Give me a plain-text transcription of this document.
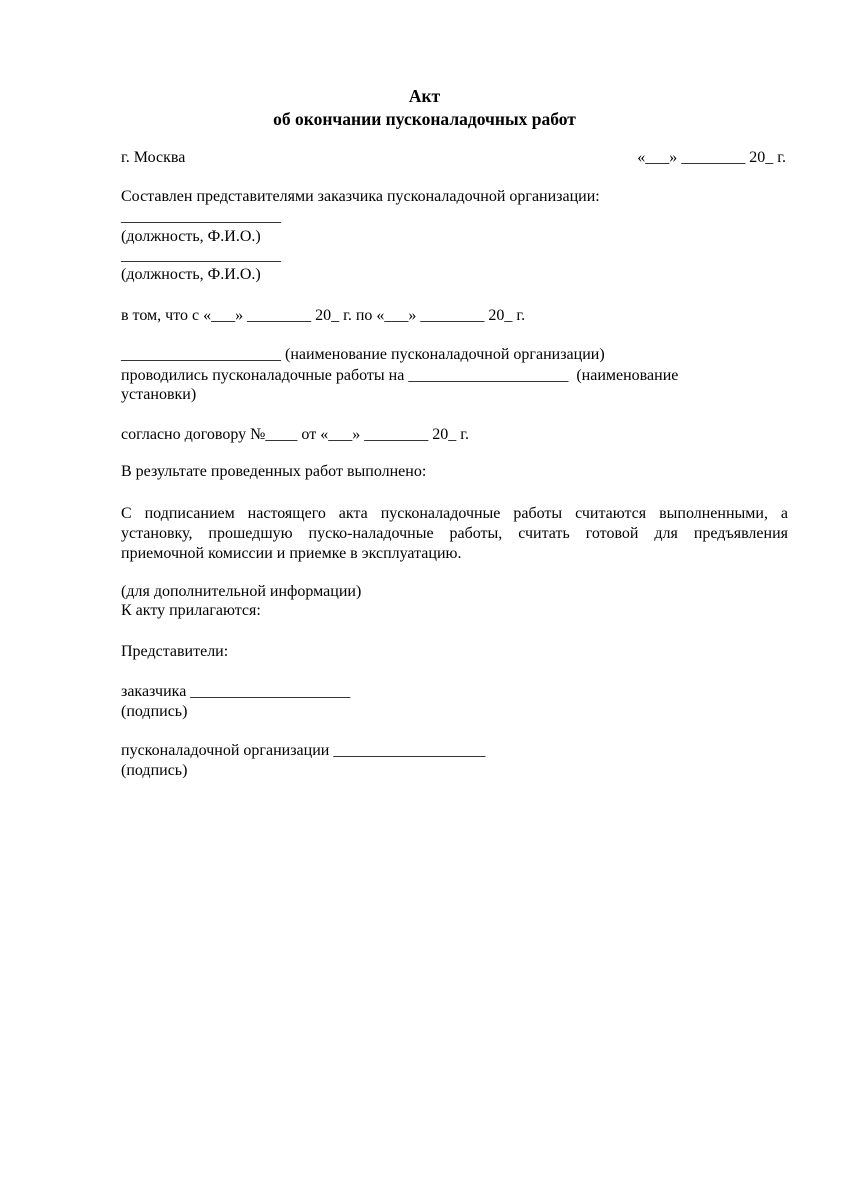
Акт
об окончании пусконаладочных работ
г. Москва	«___» ________ 20_ г.
Составлен представителями заказчика пусконаладочной организации:
____________________
(должность, Ф.И.О.)
____________________
(должность, Ф.И.О.)
в том, что с «___» ________ 20_ г. по «___» ________ 20_ г.
____________________ (наименование пусконаладочной организации)
проводились пусконаладочные работы на ____________________  (наименование
установки)
согласно договору №____ от «___» ________ 20_ г.
В результате проведенных работ выполнено:
С подписанием настоящего акта пусконаладочные работы считаются выполненными, а
установку, прошедшую пуско-наладочные работы, считать готовой для предъявления
приемочной комиссии и приемке в эксплуатацию.
(для дополнительной информации)
К акту прилагаются:
Представители:
заказчика ____________________
(подпись)
пусконаладочной организации ___________________
(подпись)
